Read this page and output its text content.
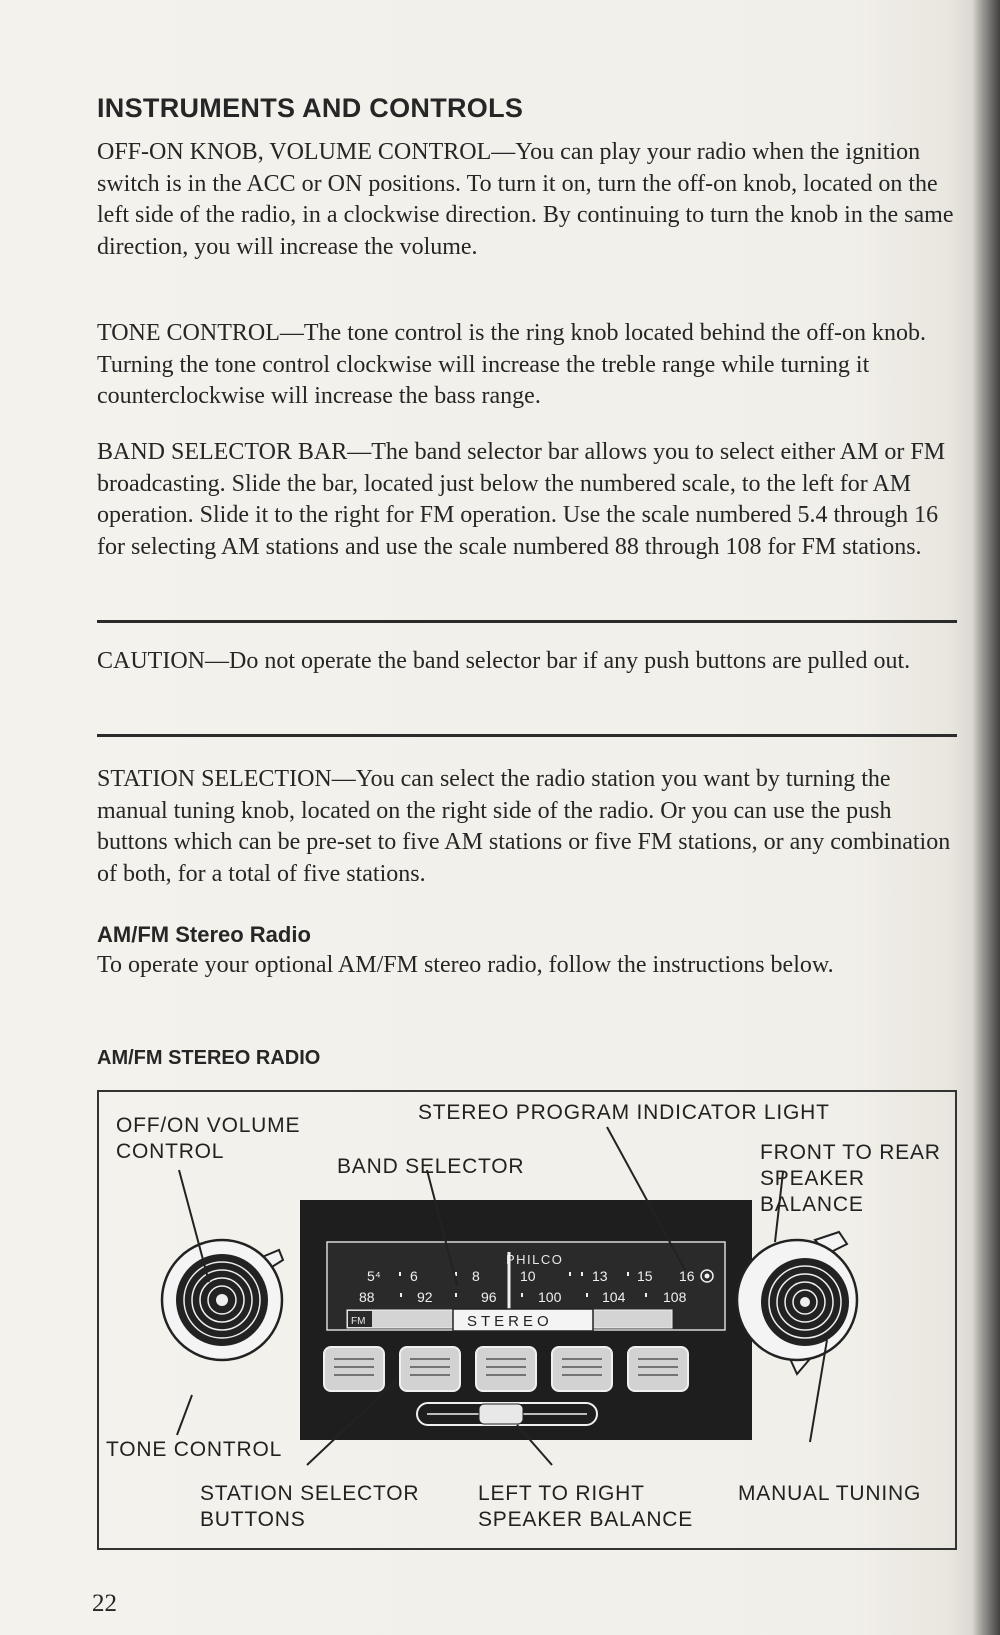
INSTRUMENTS AND CONTROLS

OFF-ON KNOB, VOLUME CONTROL—You can play your radio when the ignition switch is in the ACC or ON positions. To turn it on, turn the off-on knob, located on the left side of the radio, in a clockwise direction. By continuing to turn the knob in the same direction, you will increase the volume.

TONE CONTROL—The tone control is the ring knob located behind the off-on knob. Turning the tone control clockwise will increase the treble range while turning it counterclockwise will increase the bass range.

BAND SELECTOR BAR—The band selector bar allows you to select either AM or FM broadcasting. Slide the bar, located just below the numbered scale, to the left for AM operation. Slide it to the right for FM operation. Use the scale numbered 5.4 through 16 for selecting AM stations and use the scale numbered 88 through 108 for FM stations.

CAUTION—Do not operate the band selector bar if any push buttons are pulled out.

STATION SELECTION—You can select the radio station you want by turning the manual tuning knob, located on the right side of the radio. Or you can use the push buttons which can be pre-set to five AM stations or five FM stations, or any combination of both, for a total of five stations.

AM/FM Stereo Radio

To operate your optional AM/FM stereo radio, follow the instructions below.

AM/FM STEREO RADIO
PHILCO
5⁴ 6	8	10	13 15 16
88	92	96	100	104	108
FM	STEREO
OFF/ON VOLUME CONTROL
STEREO PROGRAM INDICATOR LIGHT
BAND SELECTOR
FRONT TO REAR SPEAKER BALANCE
TONE CONTROL
STATION SELECTOR BUTTONS
LEFT TO RIGHT SPEAKER BALANCE
MANUAL TUNING
22
